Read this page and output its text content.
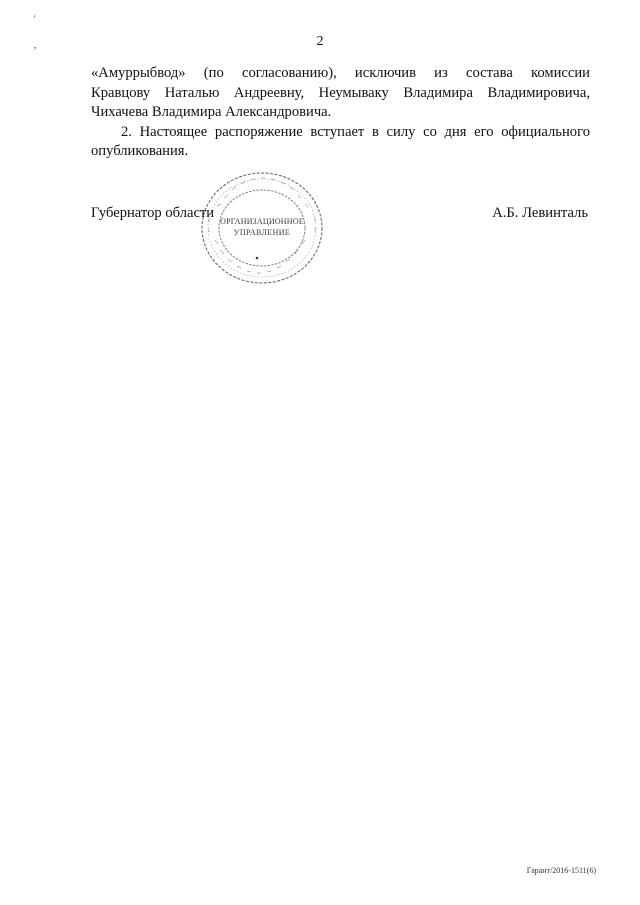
'
,	2

«Амуррыбвод» (по согласованию), исключив из состава комиссии
Кравцову Наталью Андреевну, Неумываку Владимира Владимировича,
Чихачева Владимира Александровича.

2. Настоящее распоряжение вступает в силу со дня его официального
опубликования.

ОРГАНИЗАЦИОННОЕ
УПРАВЛЕНИЕ
Губернатор области	А.Б. Левинталь
Гарант/2016-1511(6)
